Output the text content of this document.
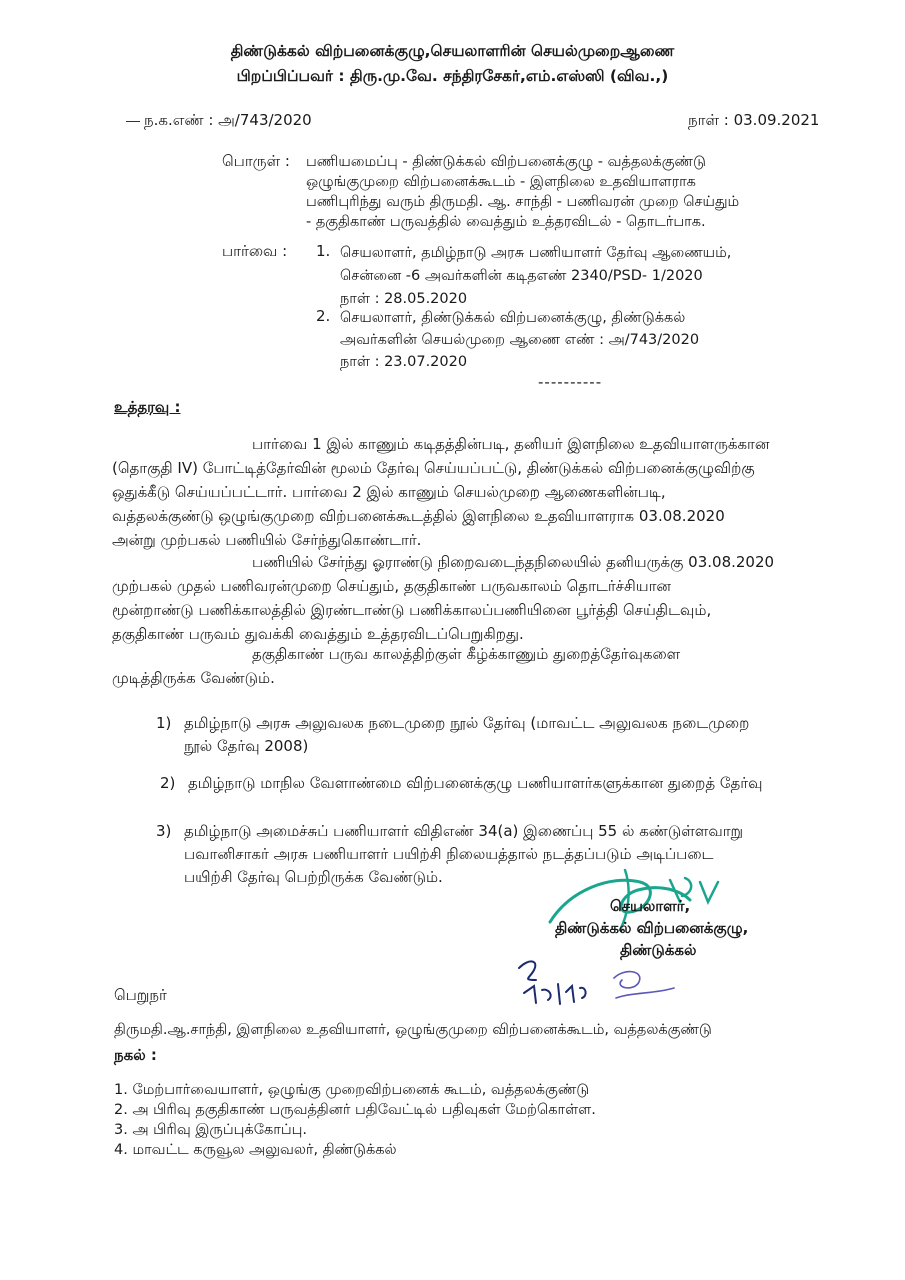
திண்டுக்கல் விற்பனைக்குழு,செயலாளரின் செயல்முறைஆணை
பிறப்பிப்பவர் : திரு.மு.வே. சந்திரசேகர்,எம்.எஸ்ஸி (விவ.,)
ந.க.எண் : அ/743/2020	நாள் : 03.09.2021
பொருள் : பணியமைப்பு - திண்டுக்கல் விற்பனைக்குழு - வத்தலக்குண்டு
ஒழுங்குமுறை விற்பனைக்கூடம் - இளநிலை உதவியாளராக
பணிபுரிந்து வரும் திருமதி. ஆ. சாந்தி - பணிவரன் முறை செய்தும்
- தகுதிகாண் பருவத்தில் வைத்தும் உத்தரவிடல் - தொடர்பாக.
பார்வை : 1. செயலாளர், தமிழ்நாடு அரசு பணியாளர் தேர்வு ஆணையம்,
சென்னை -6 அவர்களின் கடிதஎண் 2340/PSD- 1/2020
நாள் : 28.05.2020
2. செயலாளர், திண்டுக்கல் விற்பனைக்குழு, திண்டுக்கல்
அவர்களின் செயல்முறை ஆணை எண் : அ/743/2020
நாள் : 23.07.2020
----------
உத்தரவு :
பார்வை 1 இல் காணும் கடிதத்தின்படி, தனியர் இளநிலை உதவியாளருக்கான
(தொகுதி IV) போட்டித்தேர்வின் மூலம் தேர்வு செய்யப்பட்டு, திண்டுக்கல் விற்பனைக்குழுவிற்கு
ஒதுக்கீடு செய்யப்பட்டார். பார்வை 2 இல் காணும் செயல்முறை ஆணைகளின்படி,
வத்தலக்குண்டு ஒழுங்குமுறை விற்பனைக்கூடத்தில் இளநிலை உதவியாளராக 03.08.2020
அன்று முற்பகல் பணியில் சேர்ந்துகொண்டார்.
பணியில் சேர்ந்து ஓராண்டு நிறைவடைந்தநிலையில் தனியருக்கு 03.08.2020
முற்பகல் முதல் பணிவரன்முறை செய்தும், தகுதிகாண் பருவகாலம் தொடர்ச்சியான
மூன்றாண்டு பணிக்காலத்தில் இரண்டாண்டு பணிக்காலப்பணியினை பூர்த்தி செய்திடவும்,
தகுதிகாண் பருவம் துவக்கி வைத்தும் உத்தரவிடப்பெறுகிறது.
தகுதிகாண் பருவ காலத்திற்குள் கீழ்க்காணும் துறைத்தேர்வுகளை
முடித்திருக்க வேண்டும்.
1) தமிழ்நாடு அரசு அலுவலக நடைமுறை நூல் தேர்வு (மாவட்ட அலுவலக நடைமுறை
நூல் தேர்வு 2008)
2) தமிழ்நாடு மாநில வேளாண்மை விற்பனைக்குழு பணியாளர்களுக்கான துறைத் தேர்வு
3) தமிழ்நாடு அமைச்சுப் பணியாளர் விதிஎண் 34(a) இணைப்பு 55 ல் கண்டுள்ளவாறு
பவானிசாகர் அரசு பணியாளர் பயிற்சி நிலையத்தால் நடத்தப்படும் அடிப்படை
பயிற்சி தேர்வு பெற்றிருக்க வேண்டும்.
செயலாளர்,
திண்டுக்கல் விற்பனைக்குழு,
திண்டுக்கல்
பெறுநர்
திருமதி.ஆ.சாந்தி, இளநிலை உதவியாளர், ஒழுங்குமுறை விற்பனைக்கூடம், வத்தலக்குண்டு
நகல் :
1. மேற்பார்வையாளர், ஒழுங்கு முறைவிற்பனைக் கூடம், வத்தலக்குண்டு
2. அ பிரிவு தகுதிகாண் பருவத்தினர் பதிவேட்டில் பதிவுகள் மேற்கொள்ள.
3. அ பிரிவு இருப்புக்கோப்பு.
4. மாவட்ட கருவூல அலுவலர், திண்டுக்கல்
